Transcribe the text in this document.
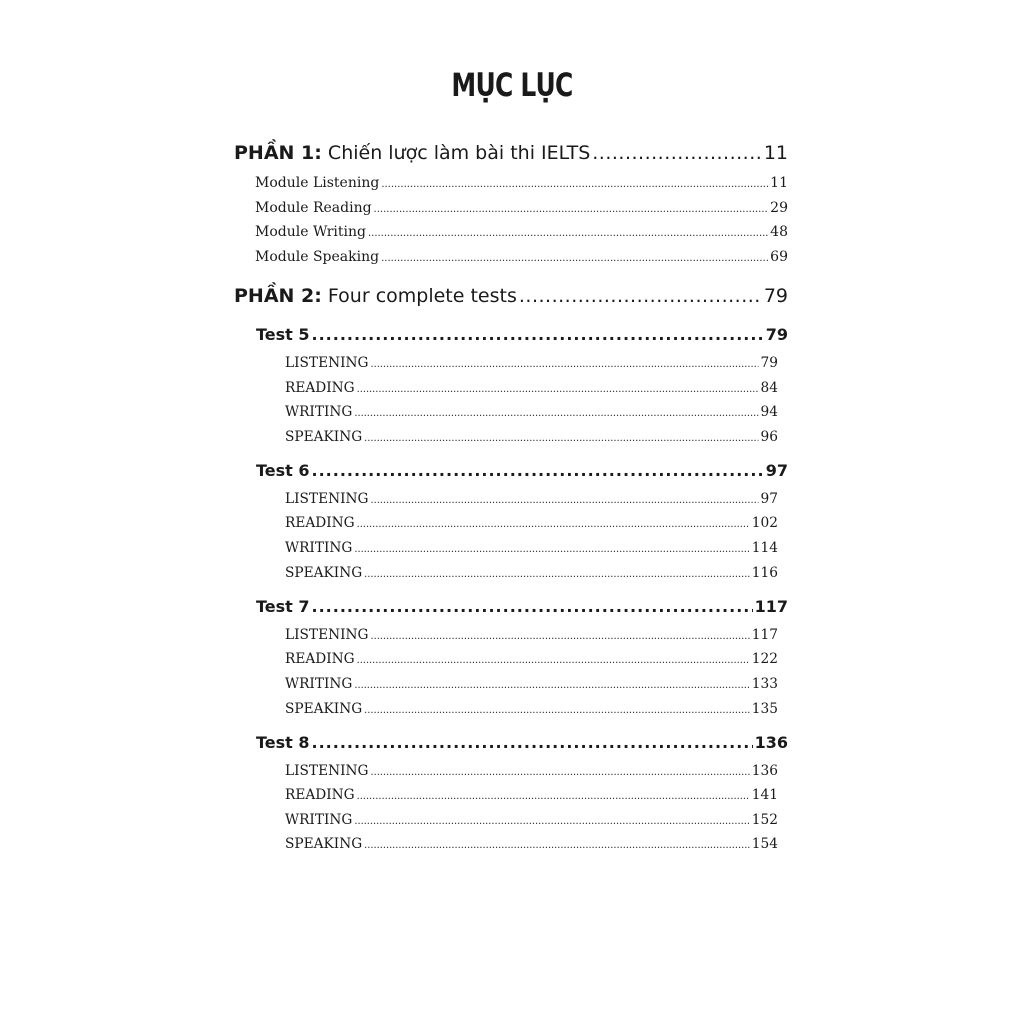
MỤC LỤC
PHẦN 1: Chiến lược làm bài thi IELTS .....	11
Module Listening .....	11
Module Reading .....	29
Module Writing .....	48
Module Speaking .....	69
PHẦN 2: Four complete tests .....	79
Test 5 .....	79
LISTENING .....	79
READING .....	84
WRITING .....	94
SPEAKING .....	96
Test 6 .....	97
LISTENING .....	97
READING .....	102
WRITING .....	114
SPEAKING .....	116
Test 7 .....	117
LISTENING .....	117
READING .....	122
WRITING .....	133
SPEAKING .....	135
Test 8 .....	136
LISTENING .....	136
READING .....	141
WRITING .....	152
SPEAKING .....	154
